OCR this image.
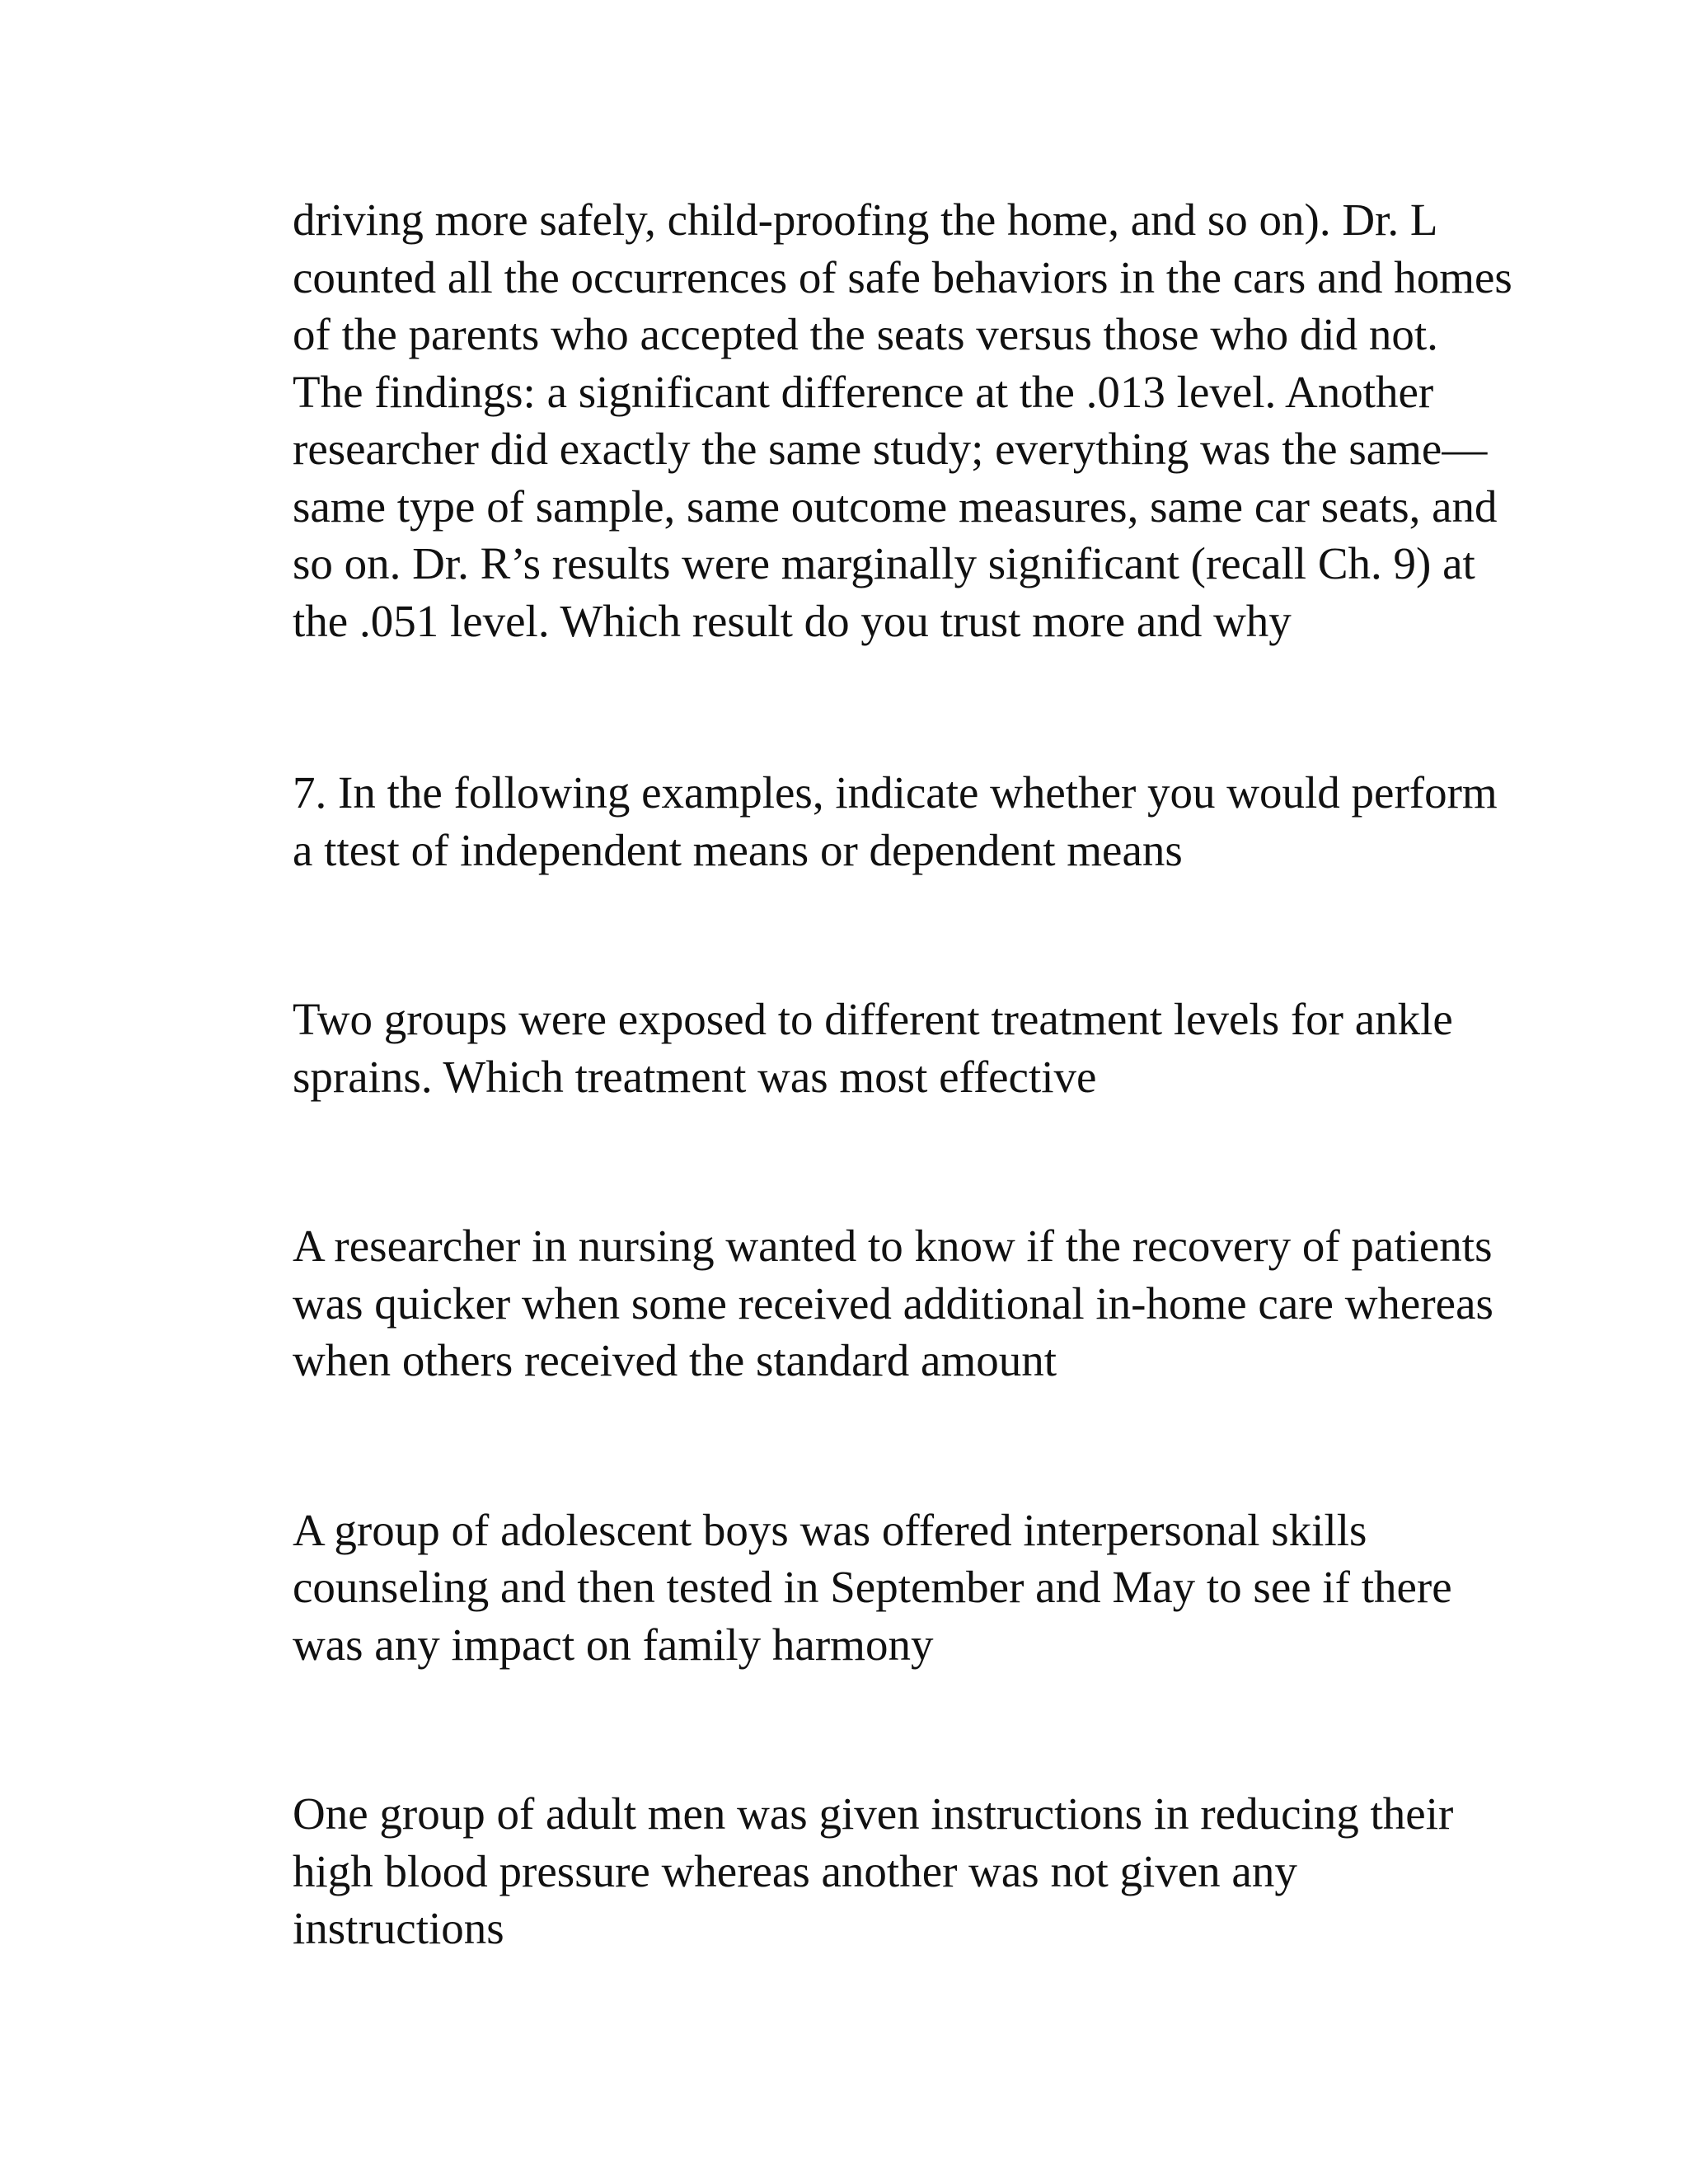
driving more safely, child-proofing the home, and so on). Dr. L
counted all the occurrences of safe behaviors in the cars and homes
of the parents who accepted the seats versus those who did not.
The findings: a significant difference at the .013 level. Another
researcher did exactly the same study; everything was the same—
same type of sample, same outcome measures, same car seats, and
so on. Dr. R’s results were marginally significant (recall Ch. 9) at
the .051 level. Which result do you trust more and why

7. In the following examples, indicate whether you would perform
a ttest of independent means or dependent means

Two groups were exposed to different treatment levels for ankle
sprains. Which treatment was most effective

A researcher in nursing wanted to know if the recovery of patients
was quicker when some received additional in-home care whereas
when others received the standard amount

A group of adolescent boys was offered interpersonal skills
counseling and then tested in September and May to see if there
was any impact on family harmony

One group of adult men was given instructions in reducing their
high blood pressure whereas another was not given any
instructions
